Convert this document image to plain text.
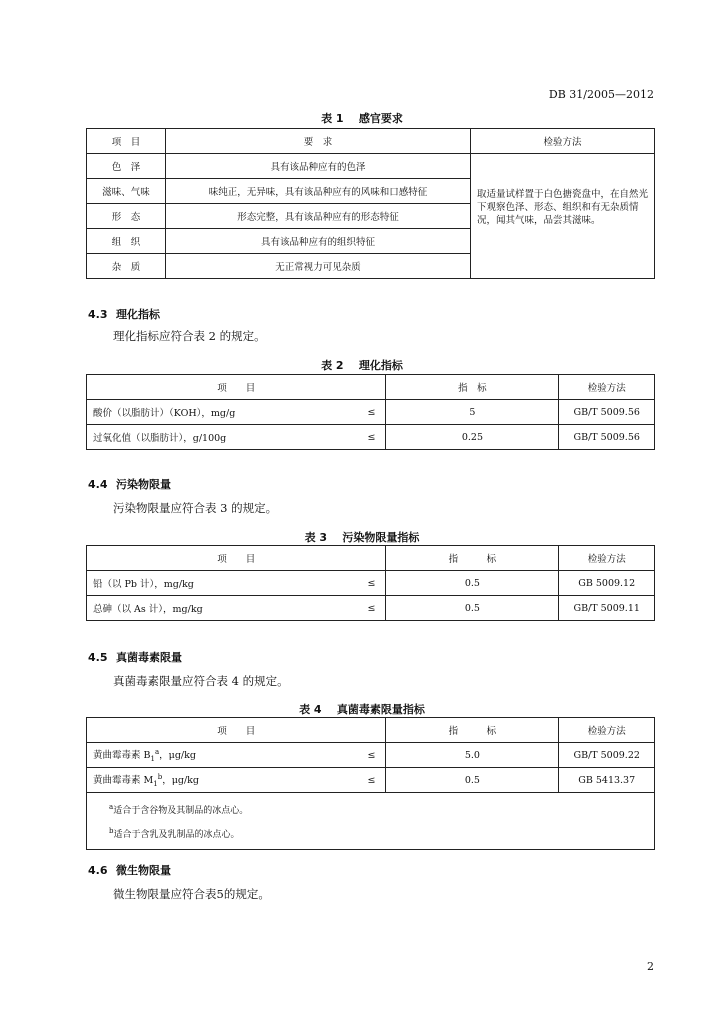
DB 31/2005—2012
表 1 感官要求
项　目	要　求	检验方法
色　泽	具有该品种应有的色泽	取适量试样置于白色搪瓷盘中，在自然光下观察色泽、形态、组织和有无杂质情况，闻其气味，品尝其滋味。

滋味、气味	味纯正，无异味，具有该品种应有的风味和口感特征	
形　态	形态完整，具有该品种应有的形态特征	
组　织	具有该品种应有的组织特征	
杂　质	无正常视力可见杂质	
4.3 理化指标
理化指标应符合表 2 的规定。
表 2 理化指标
项　　目		指　标	检验方法
酸价（以脂肪计）（KOH），mg/g	≤	5	GB/T 5009.56
过氧化值（以脂肪计），g/100g	≤	0.25	GB/T 5009.56
4.4 污染物限量
污染物限量应符合表 3 的规定。
表 3 污染物限量指标
项　　目		指　　　标	检验方法
铅（以 Pb 计），mg/kg	≤	0.5	GB 5009.12
总砷（以 As 计），mg/kg	≤	0.5	GB/T 5009.11
4.5 真菌毒素限量
真菌毒素限量应符合表 4 的规定。
表 4 真菌毒素限量指标
项　　目		指　　　标	检验方法
黄曲霉毒素 $B_1^a$，μg/kg	≤	5.0	GB/T 5009.22
黄曲霉毒素 $M_1^b$，μg/kg	≤	0.5	GB 5413.37

$^a$适合于含谷物及其制品的冰点心。
$^b$适合于含乳及乳制品的冰点心。			
4.6 微生物限量
微生物限量应符合表5的规定。
2
